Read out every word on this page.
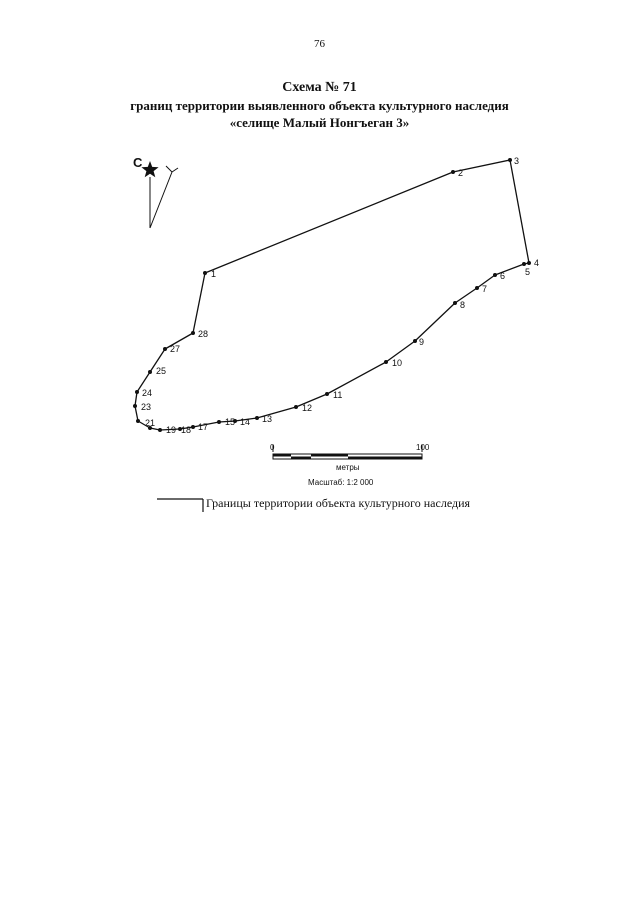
76
Схема № 71
границ территории выявленного объекта культурного наследия
«селище Малый Нонгъеган 3»
С
1
2
3
4
5
6
7
8
9
10
11
12
13
14
15
17
18
19
21
23
24
25
27
28
0	100
метры
Масштаб: 1:2 000
Границы территории объекта культурного наследия
